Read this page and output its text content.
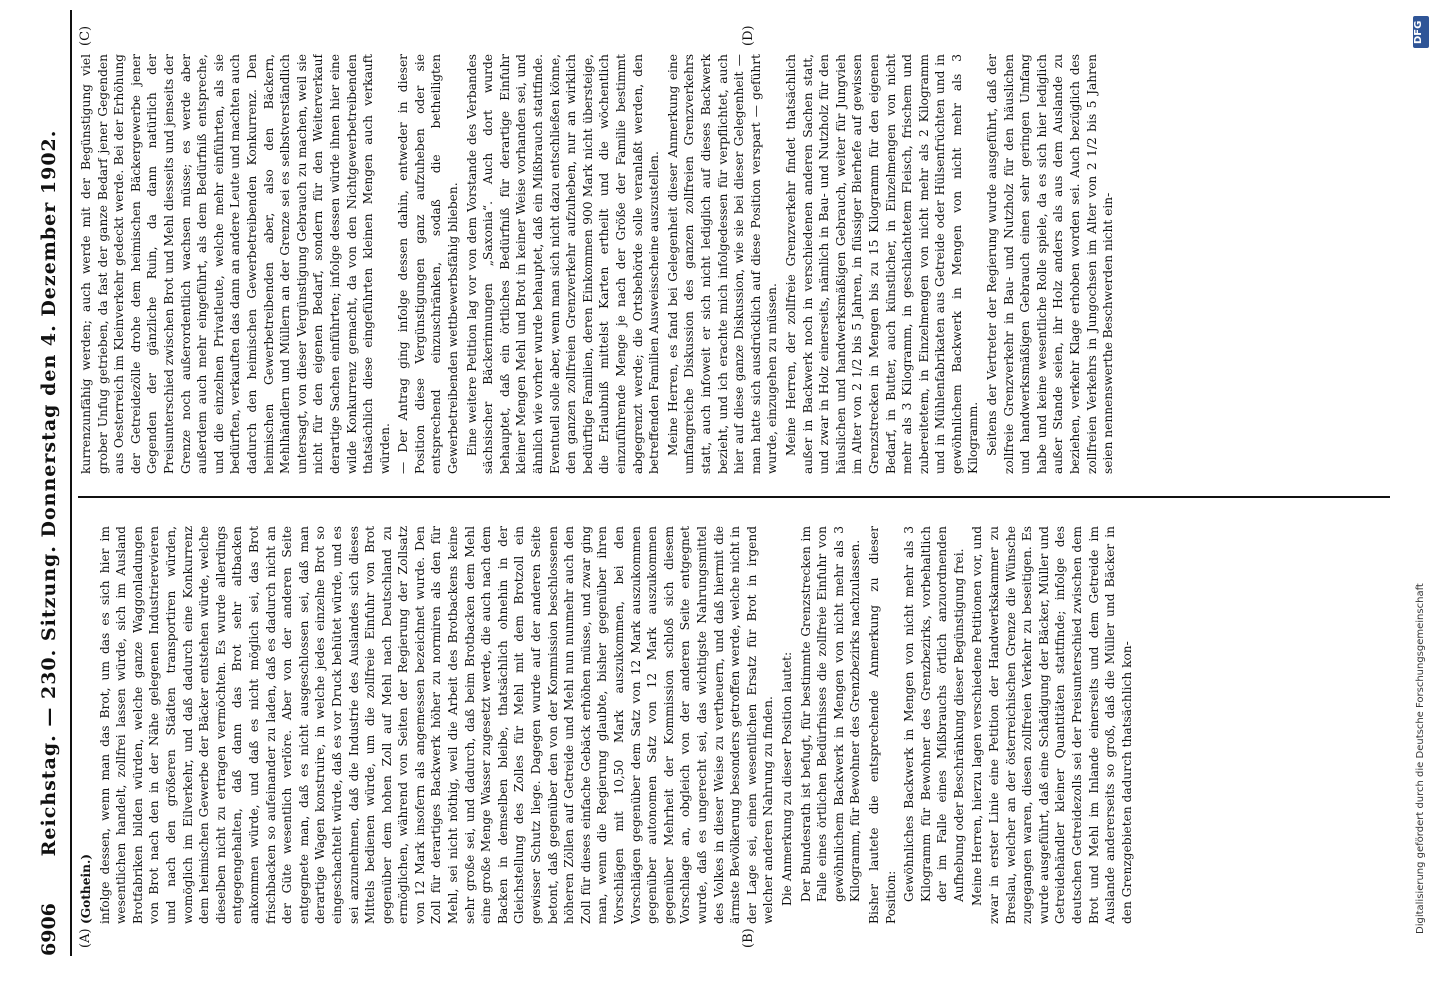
6906
Reichstag. — 230. Sitzung. Donnerstag den 4. Dezember 1902.
(A)	(B)
(C)	(D)

(Gothein.) infolge dessen, wenn man das Brot, um das es sich hier im wesentlichen handelt, zollfrei lassen würde, sich im Ausland Brotfabriken bilden würden, welche ganze Waggonladungen von Brot nach den in der Nähe gelegenen Industrierevieren und nach den größeren Städten transportiren würden, womöglich im Eilverkehr, und daß dadurch eine Konkurrenz dem heimischen Gewerbe der Bäcker entstehen würde, welche dieselben nicht zu ertragen vermöchten. Es wurde allerdings entgegengehalten, daß dann das Brot sehr altbacken ankommen würde, und daß es nicht möglich sei, das Brot frischbacken so aufeinander zu laden, daß es dadurch nicht an der Güte wesentlich verlöre. Aber von der anderen Seite entgegnete man, daß es nicht ausgeschlossen sei, daß man derartige Wagen konstruire, in welche jedes einzelne Brot so eingeschachtelt würde, daß es vor Druck behütet würde, und es sei anzunehmen, daß die Industrie des Auslandes sich dieses Mittels bedienen würde, um die zollfreie Einfuhr von Brot gegenüber dem hohen Zoll auf Mehl nach Deutschland zu ermöglichen, während von Seiten der Regierung der Zollsatz von 12 Mark insofern als angemessen bezeichnet wurde. Den Zoll für derartiges Backwerk höher zu normiren als den für Mehl, sei nicht nöthig, weil die Arbeit des Brotbackens keine sehr große sei, und dadurch, daß beim Brotbacken dem Mehl eine große Menge Wasser zugesetzt werde, die auch nach dem Backen in demselben bleibe, thatsächlich ohnehin in der Gleichstellung des Zolles für Mehl mit dem Brotzoll ein gewisser Schutz liege. Dagegen wurde auf der anderen Seite betont, daß gegenüber den von der Kommission beschlossenen höheren Zöllen auf Getreide und Mehl nun nunmehr auch den Zoll für dieses einfache Gebäck erhöhen müsse, und zwar ging man, wenn die Regierung glaubte, bisher gegenüber ihren Vorschlägen mit 10,50 Mark auszukommen, bei den Vorschlägen gegenüber dem Satz von 12 Mark auszukommen gegenüber autonomen Satz von 12 Mark auszukommen gegenüber Mehrheit der Kommission schloß sich diesem Vorschlage an, obgleich von der anderen Seite entgegnet wurde, daß es ungerecht sei, das wichtigste Nahrungsmittel des Volkes in dieser Weise zu vertheuern, und daß hiermit die ärmste Bevölkerung besonders getroffen werde, welche nicht in der Lage sei, einen wesentlichen Ersatz für Brot in irgend welcher anderen Nahrung zu finden. Die Anmerkung zu dieser Position lautet: Der Bundesrath ist befugt, für bestimmte Grenzstrecken im Falle eines örtlichen Bedürfnisses die zollfreie Einfuhr von gewöhnlichem Backwerk in Mengen von nicht mehr als 3 Kilogramm, für Bewohner des Grenzbezirks nachzulassen. Bisher lautete die entsprechende Anmerkung zu dieser Position: Gewöhnliches Backwerk in Mengen von nicht mehr als 3 Kilogramm für Bewohner des Grenzbezirks, vorbehaltlich der im Falle eines Mißbrauchs örtlich anzuordnenden Aufhebung oder Beschränkung dieser Begünstigung frei. Meine Herren, hierzu lagen verschiedene Petitionen vor, und zwar in erster Linie eine Petition der Handwerkskammer zu Breslau, welcher an der österreichischen Grenze die Wünsche zugegangen waren, diesen zollfreien Verkehr zu beseitigen. Es wurde ausgeführt, daß eine Schädigung der Bäcker, Müller und Getreidehändler kleiner Quantitäten stattfinde; infolge des deutschen Getreidezolls sei der Preisunterschied zwischen dem Brot und Mehl im Inlande einerseits und dem Getreide im Auslande andererseits so groß, daß die Müller und Bäcker in den Grenzgebieten dadurch thatsächlich kon-

kurrenzunfähig werden; auch werde mit der Begünstigung viel grober Unfug getrieben, da fast der ganze Bedarf jener Gegenden aus Oesterreich im Kleinverkehr gedeckt werde. Bei der Erhöhung der Getreidezölle drohe dem heimischen Bäckergewerbe jener Gegenden der gänzliche Ruin, da dann natürlich der Preisunterschied zwischen Brot und Mehl diesseits und jenseits der Grenze noch außerordentlich wachsen müsse; es werde aber außerdem auch mehr eingeführt, als dem Bedürfniß entspreche, und die einzelnen Privatleute, welche mehr einführten, als sie bedürften, verkauften das dann an andere Leute und machten auch dadurch den heimischen Gewerbetreibenden Konkurrenz. Den heimischen Gewerbetreibenden aber, also den Bäckern, Mehlhändlern und Müllern an der Grenze sei es selbstverständlich untersagt, von dieser Vergünstigung Gebrauch zu machen, weil sie nicht für den eigenen Bedarf, sondern für den Weiterverkauf derartige Sachen einführten; infolge dessen würde ihnen hier eine wilde Konkurrenz gemacht, da von den Nichtgewerbetreibenden thatsächlich diese eingeführten kleinen Mengen auch verkauft würden. — Der Antrag ging infolge dessen dahin, entweder in dieser Position diese Vergünstigungen ganz aufzuheben oder sie entsprechend einzuschränken, sodaß die betheiligten Gewerbetreibenden wettbewerbsfähig blieben. Eine weitere Petition lag vor von dem Vorstande des Verbandes sächsischer Bäckerinnungen „Saxonia“. Auch dort wurde behauptet, daß ein örtliches Bedürfniß für derartige Einfuhr kleiner Mengen Mehl und Brot in keiner Weise vorhanden sei, und ähnlich wie vorher wurde behauptet, daß ein Mißbrauch stattfinde. Eventuell solle aber, wenn man sich nicht dazu entschließen könne, den ganzen zollfreien Grenzverkehr aufzuheben, nur an wirklich bedürftige Familien, deren Einkommen 900 Mark nicht übersteige, die Erlaubniß mittelst Karten ertheilt und die wöchentlich einzuführende Menge je nach der Größe der Familie bestimmt abgegrenzt werde; die Ortsbehörde solle veranlaßt werden, den betreffenden Familien Ausweisscheine auszustellen. Meine Herren, es fand bei Gelegenheit dieser Anmerkung eine umfangreiche Diskussion des ganzen zollfreien Grenzverkehrs statt, auch infoweit er sich nicht lediglich auf dieses Backwerk bezieht, und ich erachte mich infolgedessen für verpflichtet, auch hier auf diese ganze Diskussion, wie sie bei dieser Gelegenheit — man hatte sich ausdrücklich auf diese Position verspart — geführt wurde, einzugehen zu müssen. Meine Herren, der zollfreie Grenzverkehr findet thatsächlich außer in Backwerk noch in verschiedenen anderen Sachen statt, und zwar in Holz einerseits, nämlich in Bau- und Nutzholz für den häuslichen und handwerksmäßigen Gebrauch, weiter für Jungvieh im Alter von 2 1/2 bis 5 Jahren, in flüssiger Bierhefe auf gewissen Grenzstrecken in Mengen bis zu 15 Kilogramm für den eigenen Bedarf, in Butter, auch künstlicher, in Einzelmengen von nicht mehr als 3 Kilogramm, in geschlachtetem Fleisch, frischem und zubereitetem, in Einzelmengen von nicht mehr als 2 Kilogramm und in Mühlenfabrikaten aus Getreide oder Hülsenfrüchten und in gewöhnlichem Backwerk in Mengen von nicht mehr als 3 Kilogramm. Seitens der Vertreter der Regierung wurde ausgeführt, daß der zollfreie Grenzverkehr in Bau- und Nutzholz für den häuslichen und handwerksmäßigen Gebrauch einen sehr geringen Umfang habe und keine wesentliche Rolle spiele, da es sich hier lediglich außer Stande seien, ihr Holz anders als aus dem Auslande zu beziehen, verkehr Klage erhoben worden sei. Auch bezüglich des zollfreien Verkehrs in Jungochsen im Alter von 2 1/2 bis 5 Jahren seien nennenswerthe Beschwerden nicht ein-

DFG
Digitalisierung gefördert durch die Deutsche Forschungsgemeinschaft
